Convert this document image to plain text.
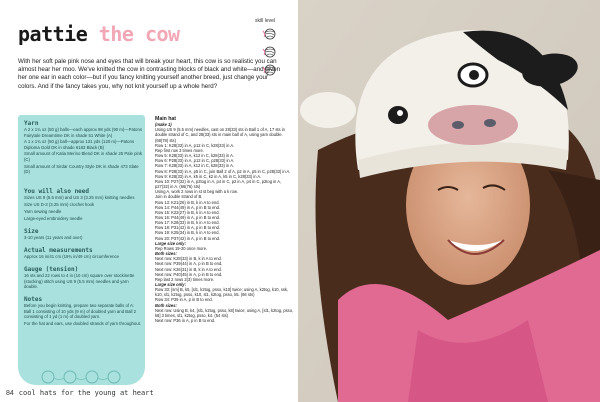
pattie the cow
skill level

With her soft pale pink nose and eyes that will break your heart, this cow is so realistic you can almost hear her moo. We've knitted the cow in contrasting blocks of black and white—and given her one ear in each color—but if you fancy knitting yourself another breed, just change your colors. And if the fancy takes you, why not knit yourself up a whole herd?

Yarn

A 2 x 1¾ oz (50 g) balls—each approx 98 yds (90 m)—Patons Fairytale Dreamtime DK in shade 51 White (A)

A 1 x 1¾ oz (50 g) ball—approx 131 yds (120 m)—Patons Diploma Gold DK in shade 6183 Black (B)

Small amount of Katia Merino Blend DK in shade 25 Pale pink (C)

Small amount of Sirdar Country Style DK in shade 473 Slate (D)

You will also need

Sizes US 9 (5.5 mm) and US 3 (3.25 mm) knitting needles

Size US D-3 (3.25 mm) crochet hook

Yarn sewing needle

Large-eyed embroidery needle

Size

3-10 years (11 years and over)

Actual measurements

Approx 16 in/41 cm (19¾ in/49 cm) circumference

Gauge (tension)

16 sts and 22 rows to 4 in (10 cm) square over stockinette (stocking) stitch using US 9 (5.5 mm) needles and yarn double.

Notes

Before you begin knitting, prepare two separate balls of A: Ball 1 consisting of 10 yds (9 m) of doubled yarn and Ball 2 consisting of 1 yd (1 m) of doubled yarn.

For the hat and ears, use doubled strands of yarn throughout.

Main hat

(make 1)

Using US 9 (5.5 mm) needles, cast on 28(33) sts in Ball 1 of A, 17 sts in double strand of C, and 28(33) sts in main ball of A, using yarn double. (68(78) sts)

Row 1: K28(33) in A, p12 in C, k28(33) in A.

Rep first row 3 times more.

Row 5: K28(33) in A, k12 in C, k28(33) in A.

Row 6: P28(33) in A, p12 in C, p28(33) in A.

Row 7: K28(33) in A, k12 in C, k28(33) in A.

Row 8: P28(33) in A, p5 in C, join Ball 2 of A, p2 in A, p5 in C, p28(33) in A.

Row 9: K28(33) in A, k5 in C, k2 in A, k5 in C, k28(33) in A.

Row 10: P27(32) in A, p2tog in A, p4 in C, p2 in A, p4 in C, p2tog in A, p27(32) in A. (66(76) sts)

Using A, work 2 rows in st st beg with a k row.

Join in double strand of B.

Row 13: K21(26) in B, k in A to end.

Row 14: P44(49) in A, p in B to end.

Row 15: K22(27) in B, k in A to end.

Row 16: P44(49) in A, p in B to end.

Row 17: K28(33) in B, k in A to end.

Row 18: P31(42) in A, p in B to end.

Row 19: K25(34) in B, k in A to end.

Row 20: P37(42) in A, p in B to end.

Large size only:

Rep Rows 19-20 once more.

Both sizes:

Next row: K28(33) in B, k in A to end.

Next row: P39(44) in A, p in B to end.

Next row: K26(31) in B, k in A to end.

Next row: P40(45) in A, p in B to end.

Rep last 2 rows 2(3) times more.

Large size only:

Row 33: [sm] B, k5, [sl1, k2tog, psso, k10] twice; using A, k2tog, k10, ssk, k10, sl1, k2tog, psso, k10, sl1, k2tog, psso, k5. (66 sts)

Row 34: P39 in A, p in B to end.

Both sizes:

Next row: Using B, k4, [sl1, k2tog, psso, k8] twice; using A, [sl1, k2tog, psso, k8] 3 times, sl1, k2tog, psso, k4. (54 sts)

Next row: P36 in A, p in B to end.

84 cool hats for the young at heart
